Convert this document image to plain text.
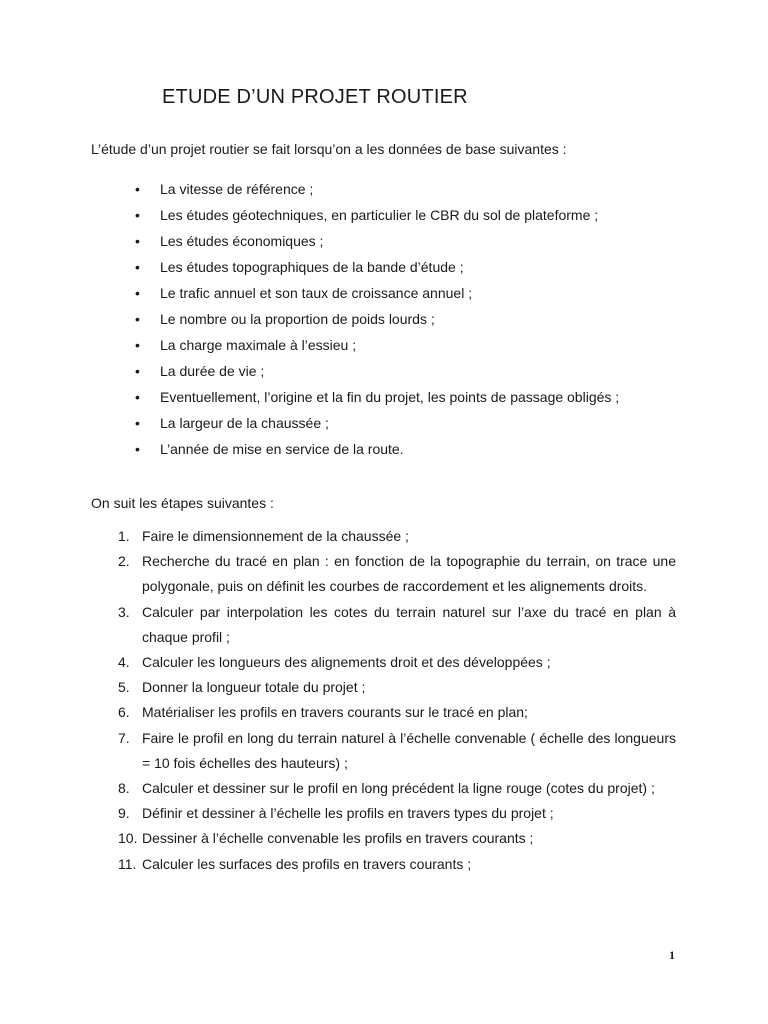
ETUDE D’UN PROJET ROUTIER
L’étude d’un projet routier se fait lorsqu’on a les données de base suivantes :
• La vitesse de référence ;
• Les études géotechniques, en particulier le CBR du sol de plateforme ;
• Les études économiques ;
• Les études topographiques de la bande d’étude ;
• Le trafic annuel et son taux de croissance annuel ;
• Le nombre ou la proportion de poids lourds ;
• La charge maximale à l’essieu ;
• La durée de vie ;
• Eventuellement, l’origine et la fin du projet, les points de passage obligés ;
• La largeur de la chaussée ;
• L’année de mise en service de la route.
On suit les étapes suivantes :
1. Faire le dimensionnement de la chaussée ;
2. Recherche du tracé en plan : en fonction de la topographie du terrain, on trace une polygonale, puis on définit les courbes de raccordement et les alignements droits.
3. Calculer par interpolation les cotes du terrain naturel sur l’axe du tracé en plan à chaque profil ;
4. Calculer les longueurs des alignements droit et des développées ;
5. Donner la longueur totale du projet ;
6. Matérialiser les profils en travers courants sur le tracé en plan;
7. Faire le profil en long du terrain naturel à l’échelle convenable ( échelle des longueurs = 10 fois échelles des hauteurs) ;
8. Calculer et dessiner sur le profil en long précédent la ligne rouge (cotes du projet) ;
9. Définir et dessiner à l’échelle les profils en travers types du projet ;
10. Dessiner à l’échelle convenable les profils en travers courants ;
11. Calculer les surfaces des profils en travers courants ;
1
